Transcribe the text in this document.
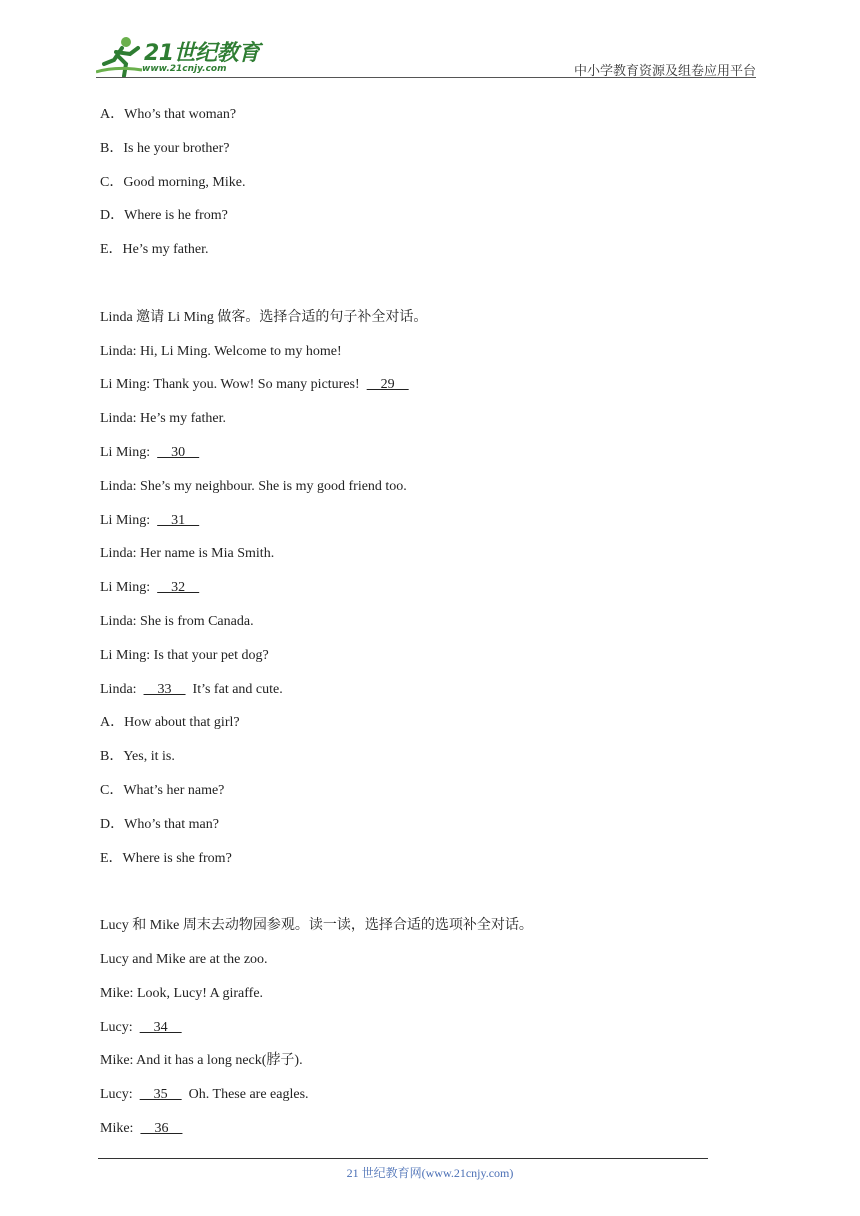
21世纪教育
www.21cnjy.com	中小学教育资源及组卷应用平台
A．Who’s that woman?
B．Is he your brother?
C．Good morning, Mike.
D．Where is he from?
E．He’s my father.
Linda 邀请 Li Ming 做客。选择合适的句子补全对话。
Linda: Hi, Li Ming. Welcome to my home!
Li Ming: Thank you. Wow! So many pictures!      29
Linda: He’s my father.
Li Ming:      30
Linda: She’s my neighbour. She is my good friend too.
Li Ming:      31
Linda: Her name is Mia Smith.
Li Ming:      32
Linda: She is from Canada.
Li Ming: Is that your pet dog?
Linda:      33      It’s fat and cute.
A．How about that girl?
B．Yes, it is.
C．What’s her name?
D．Who’s that man?
E．Where is she from?
Lucy 和 Mike 周末去动物园参观。读一读，选择合适的选项补全对话。
Lucy and Mike are at the zoo.
Mike: Look, Lucy! A giraffe.
Lucy:      34
Mike: And it has a long neck(脖子).
Lucy:      35      Oh. These are eagles.
Mike:      36
21 世纪教育网(www.21cnjy.com)
